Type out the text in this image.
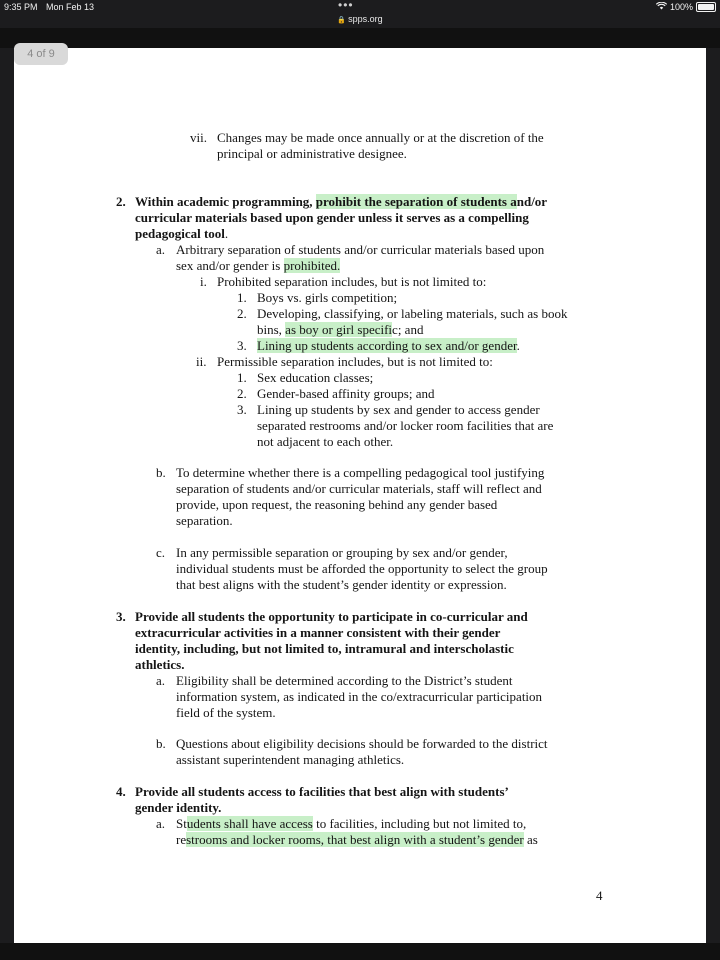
9:35 PM Mon Feb 13	•••	100%
🔒 spps.org
vii. Changes may be made once annually or at the discretion of the
principal or administrative designee.
2. Within academic programming, prohibit the separation of students and/or
curricular materials based upon gender unless it serves as a compelling
pedagogical tool.
a. Arbitrary separation of students and/or curricular materials based upon
sex and/or gender is prohibited.
i. Prohibited separation includes, but is not limited to:
1. Boys vs. girls competition;
2. Developing, classifying, or labeling materials, such as book
bins, as boy or girl specific; and
3. Lining up students according to sex and/or gender.
ii. Permissible separation includes, but is not limited to:
1. Sex education classes;
2. Gender-based affinity groups; and
3. Lining up students by sex and gender to access gender
separated restrooms and/or locker room facilities that are
not adjacent to each other.
b. To determine whether there is a compelling pedagogical tool justifying
separation of students and/or curricular materials, staff will reflect and
provide, upon request, the reasoning behind any gender based
separation.
c. In any permissible separation or grouping by sex and/or gender,
individual students must be afforded the opportunity to select the group
that best aligns with the student’s gender identity or expression.
3. Provide all students the opportunity to participate in co-curricular and
extracurricular activities in a manner consistent with their gender
identity, including, but not limited to, intramural and interscholastic
athletics.
a. Eligibility shall be determined according to the District’s student
information system, as indicated in the co/extracurricular participation
field of the system.
b. Questions about eligibility decisions should be forwarded to the district
assistant superintendent managing athletics.
4. Provide all students access to facilities that best align with students’
gender identity.
a. Students shall have access to facilities, including but not limited to,
restrooms and locker rooms, that best align with a student’s gender as
4
4 of 9
